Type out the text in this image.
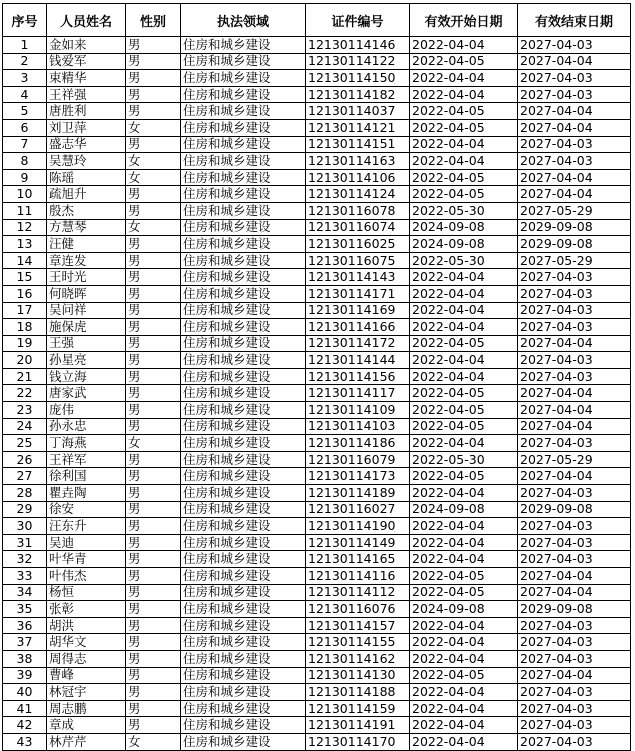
序号	人员姓名	性别	执法领域	证件编号	有效开始日期	有效结束日期
1	金如来	男	住房和城乡建设	12130114146	2022-04-04	2027-04-03
2	钱爱军	男	住房和城乡建设	12130114122	2022-04-05	2027-04-04
3	束精华	男	住房和城乡建设	12130114150	2022-04-04	2027-04-03
4	王祥强	男	住房和城乡建设	12130114182	2022-04-04	2027-04-03
5	唐胜利	男	住房和城乡建设	12130114037	2022-04-05	2027-04-04
6	刘卫萍	女	住房和城乡建设	12130114121	2022-04-05	2027-04-04
7	盛志华	男	住房和城乡建设	12130114151	2022-04-04	2027-04-03
8	吴慧玲	女	住房和城乡建设	12130114163	2022-04-04	2027-04-03
9	陈瑶	女	住房和城乡建设	12130114106	2022-04-05	2027-04-04
10	疏旭升	男	住房和城乡建设	12130114124	2022-04-05	2027-04-04
11	殷杰	男	住房和城乡建设	12130116078	2022-05-30	2027-05-29
12	方慧琴	女	住房和城乡建设	12130116074	2024-09-08	2029-09-08
13	汪健	男	住房和城乡建设	12130116025	2024-09-08	2029-09-08
14	章连发	男	住房和城乡建设	12130116075	2022-05-30	2027-05-29
15	王时光	男	住房和城乡建设	12130114143	2022-04-04	2027-04-03
16	何晓晖	男	住房和城乡建设	12130114171	2022-04-04	2027-04-03
17	吴问祥	男	住房和城乡建设	12130114169	2022-04-04	2027-04-03
18	施保虎	男	住房和城乡建设	12130114166	2022-04-04	2027-04-03
19	王强	男	住房和城乡建设	12130114172	2022-04-05	2027-04-04
20	孙星亮	男	住房和城乡建设	12130114144	2022-04-04	2027-04-03
21	钱立海	男	住房和城乡建设	12130114156	2022-04-04	2027-04-03
22	唐家武	男	住房和城乡建设	12130114117	2022-04-05	2027-04-04
23	庞伟	男	住房和城乡建设	12130114109	2022-04-05	2027-04-04
24	孙永忠	男	住房和城乡建设	12130114103	2022-04-05	2027-04-04
25	丁海燕	女	住房和城乡建设	12130114186	2022-04-04	2027-04-03
26	王祥军	男	住房和城乡建设	12130116079	2022-05-30	2027-05-29
27	徐利国	男	住房和城乡建设	12130114173	2022-04-05	2027-04-04
28	瞿垚陶	男	住房和城乡建设	12130114189	2022-04-04	2027-04-03
29	徐安	男	住房和城乡建设	12130116027	2024-09-08	2029-09-08
30	汪东升	男	住房和城乡建设	12130114190	2022-04-04	2027-04-03
31	吴迪	男	住房和城乡建设	12130114149	2022-04-04	2027-04-03
32	叶华青	男	住房和城乡建设	12130114165	2022-04-04	2027-04-03
33	叶伟杰	男	住房和城乡建设	12130114116	2022-04-05	2027-04-04
34	杨恒	男	住房和城乡建设	12130114112	2022-04-05	2027-04-04
35	张彰	男	住房和城乡建设	12130116076	2024-09-08	2029-09-08
36	胡洪	男	住房和城乡建设	12130114157	2022-04-04	2027-04-03
37	胡华文	男	住房和城乡建设	12130114155	2022-04-04	2027-04-03
38	周得志	男	住房和城乡建设	12130114162	2022-04-04	2027-04-03
39	曹峰	男	住房和城乡建设	12130114130	2022-04-05	2027-04-04
40	林冠宇	男	住房和城乡建设	12130114188	2022-04-04	2027-04-03
41	周志鹏	男	住房和城乡建设	12130114159	2022-04-04	2027-04-03
42	章成	男	住房和城乡建设	12130114191	2022-04-04	2027-04-03
43	林芹芹	女	住房和城乡建设	12130114170	2022-04-04	2027-04-03
